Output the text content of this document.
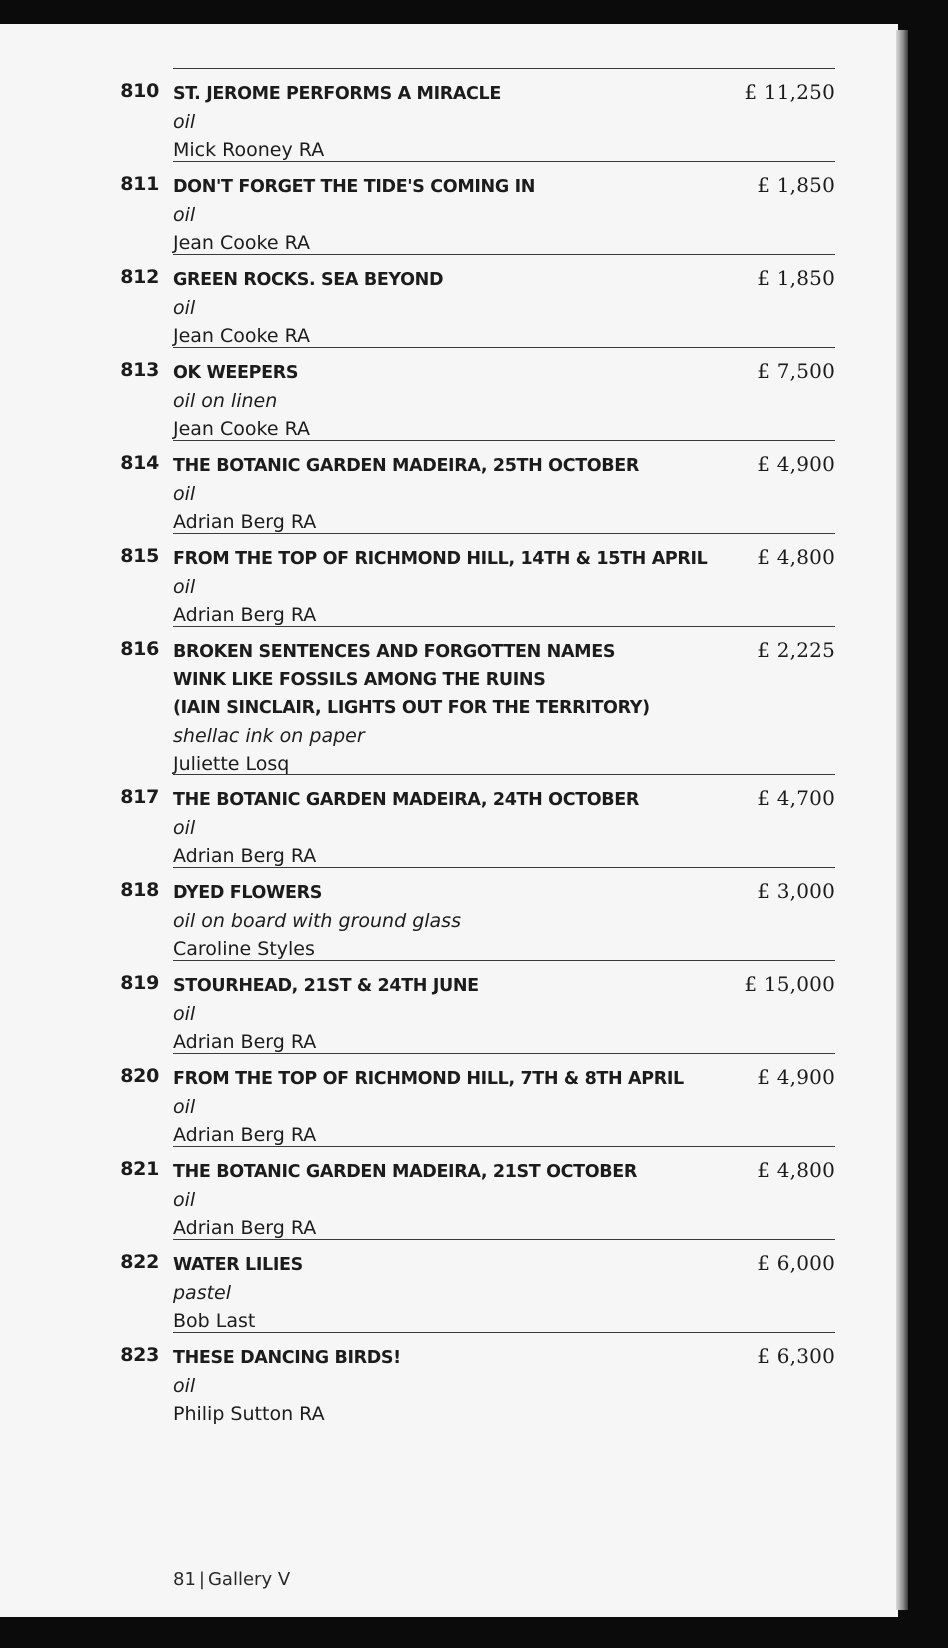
810 ST. JEROME PERFORMS A MIRACLE
oil
Mick Rooney RA
£ 11,250
811 DON'T FORGET THE TIDE'S COMING IN
oil
Jean Cooke RA
£ 1,850
812 GREEN ROCKS. SEA BEYOND
oil
Jean Cooke RA
£ 1,850
813 OK WEEPERS
oil on linen
Jean Cooke RA
£ 7,500
814 THE BOTANIC GARDEN MADEIRA, 25TH OCTOBER
oil
Adrian Berg RA
£ 4,900
815 FROM THE TOP OF RICHMOND HILL, 14TH & 15TH APRIL
oil
Adrian Berg RA
£ 4,800
816 BROKEN SENTENCES AND FORGOTTEN NAMES
WINK LIKE FOSSILS AMONG THE RUINS
(IAIN SINCLAIR, LIGHTS OUT FOR THE TERRITORY)
shellac ink on paper
Juliette Losq
£ 2,225
817 THE BOTANIC GARDEN MADEIRA, 24TH OCTOBER
oil
Adrian Berg RA
£ 4,700
818 DYED FLOWERS
oil on board with ground glass
Caroline Styles
£ 3,000
819 STOURHEAD, 21ST & 24TH JUNE
oil
Adrian Berg RA
£ 15,000
820 FROM THE TOP OF RICHMOND HILL, 7TH & 8TH APRIL
oil
Adrian Berg RA
£ 4,900
821 THE BOTANIC GARDEN MADEIRA, 21ST OCTOBER
oil
Adrian Berg RA
£ 4,800
822 WATER LILIES
pastel
Bob Last
£ 6,000
823 THESE DANCING BIRDS!
oil
Philip Sutton RA
£ 6,300
81 | Gallery V
